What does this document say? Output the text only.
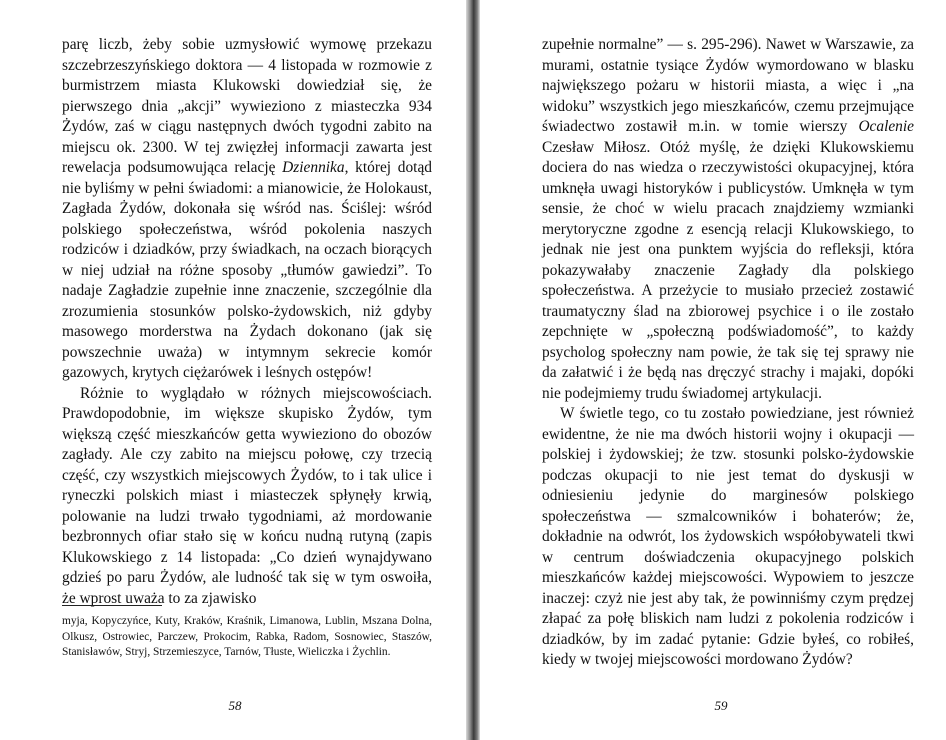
parę liczb, żeby sobie uzmysłowić wymowę przekazu szczebrzeszyńskiego doktora — 4 listopada w rozmowie z burmistrzem miasta Klukowski dowiedział się, że pierwszego dnia „akcji” wywieziono z miasteczka 934 Żydów, zaś w ciągu następnych dwóch tygodni zabito na miejscu ok. 2300. W tej zwięzłej informacji zawarta jest rewelacja podsumowująca relację Dziennika, której dotąd nie byliśmy w pełni świadomi: a mianowicie, że Holokaust, Zagłada Żydów, dokonała się wśród nas. Ściślej: wśród polskiego społeczeństwa, wśród pokolenia naszych rodziców i dziadków, przy świadkach, na oczach biorących w niej udział na różne sposoby „tłumów gawiedzi”. To nadaje Zagładzie zupełnie inne znaczenie, szczególnie dla zrozumienia stosunków polsko-żydowskich, niż gdyby masowego morderstwa na Żydach dokonano (jak się powszechnie uważa) w intymnym sekrecie komór gazowych, krytych ciężarówek i leśnych ostępów!

Różnie to wyglądało w różnych miejscowościach. Prawdopodobnie, im większe skupisko Żydów, tym większą część mieszkańców getta wywieziono do obozów zagłady. Ale czy zabito na miejscu połowę, czy trzecią część, czy wszystkich miejscowych Żydów, to i tak ulice i ryneczki polskich miast i miasteczek spłynęły krwią, polowanie na ludzi trwało tygodniami, aż mordowanie bezbronnych ofiar stało się w końcu nudną rutyną (zapis Klukowskiego z 14 listopada: „Co dzień wynajdywano gdzieś po paru Żydów, ale ludność tak się w tym oswoiła, że wprost uważa to za zjawisko

myja, Kopyczyńce, Kuty, Kraków, Kraśnik, Limanowa, Lublin, Mszana Dolna, Olkusz, Ostrowiec, Parczew, Prokocim, Rabka, Radom, Sosnowiec, Staszów, Stanisławów, Stryj, Strzemieszyce, Tarnów, Tłuste, Wieliczka i Żychlin.
58

zupełnie normalne” — s. 295-296). Nawet w Warszawie, za murami, ostatnie tysiące Żydów wymordowano w blasku największego pożaru w historii miasta, a więc i „na widoku” wszystkich jego mieszkańców, czemu przejmujące świadectwo zostawił m.in. w tomie wierszy Ocalenie Czesław Miłosz. Otóż myślę, że dzięki Klukowskiemu dociera do nas wiedza o rzeczywistości okupacyjnej, która umknęła uwagi historyków i publicystów. Umknęła w tym sensie, że choć w wielu pracach znajdziemy wzmianki merytoryczne zgodne z esencją relacji Klukowskiego, to jednak nie jest ona punktem wyjścia do refleksji, która pokazywałaby znaczenie Zagłady dla polskiego społeczeństwa. A przeżycie to musiało przecież zostawić traumatyczny ślad na zbiorowej psychice i o ile zostało zepchnięte w „społeczną podświadomość”, to każdy psycholog społeczny nam powie, że tak się tej sprawy nie da załatwić i że będą nas dręczyć strachy i majaki, dopóki nie podejmiemy trudu świadomej artykulacji.

W świetle tego, co tu zostało powiedziane, jest również ewidentne, że nie ma dwóch historii wojny i okupacji — polskiej i żydowskiej; że tzw. stosunki polsko-żydowskie podczas okupacji to nie jest temat do dyskusji w odniesieniu jedynie do marginesów polskiego społeczeństwa — szmalcowników i bohaterów; że, dokładnie na odwrót, los żydowskich współobywateli tkwi w centrum doświadczenia okupacyjnego polskich mieszkańców każdej miejscowości. Wypowiem to jeszcze inaczej: czyż nie jest aby tak, że powinniśmy czym prędzej złapać za połę bliskich nam ludzi z pokolenia rodziców i dziadków, by im zadać pytanie: Gdzie byłeś, co robiłeś, kiedy w twojej miejscowości mordowano Żydów?

59
